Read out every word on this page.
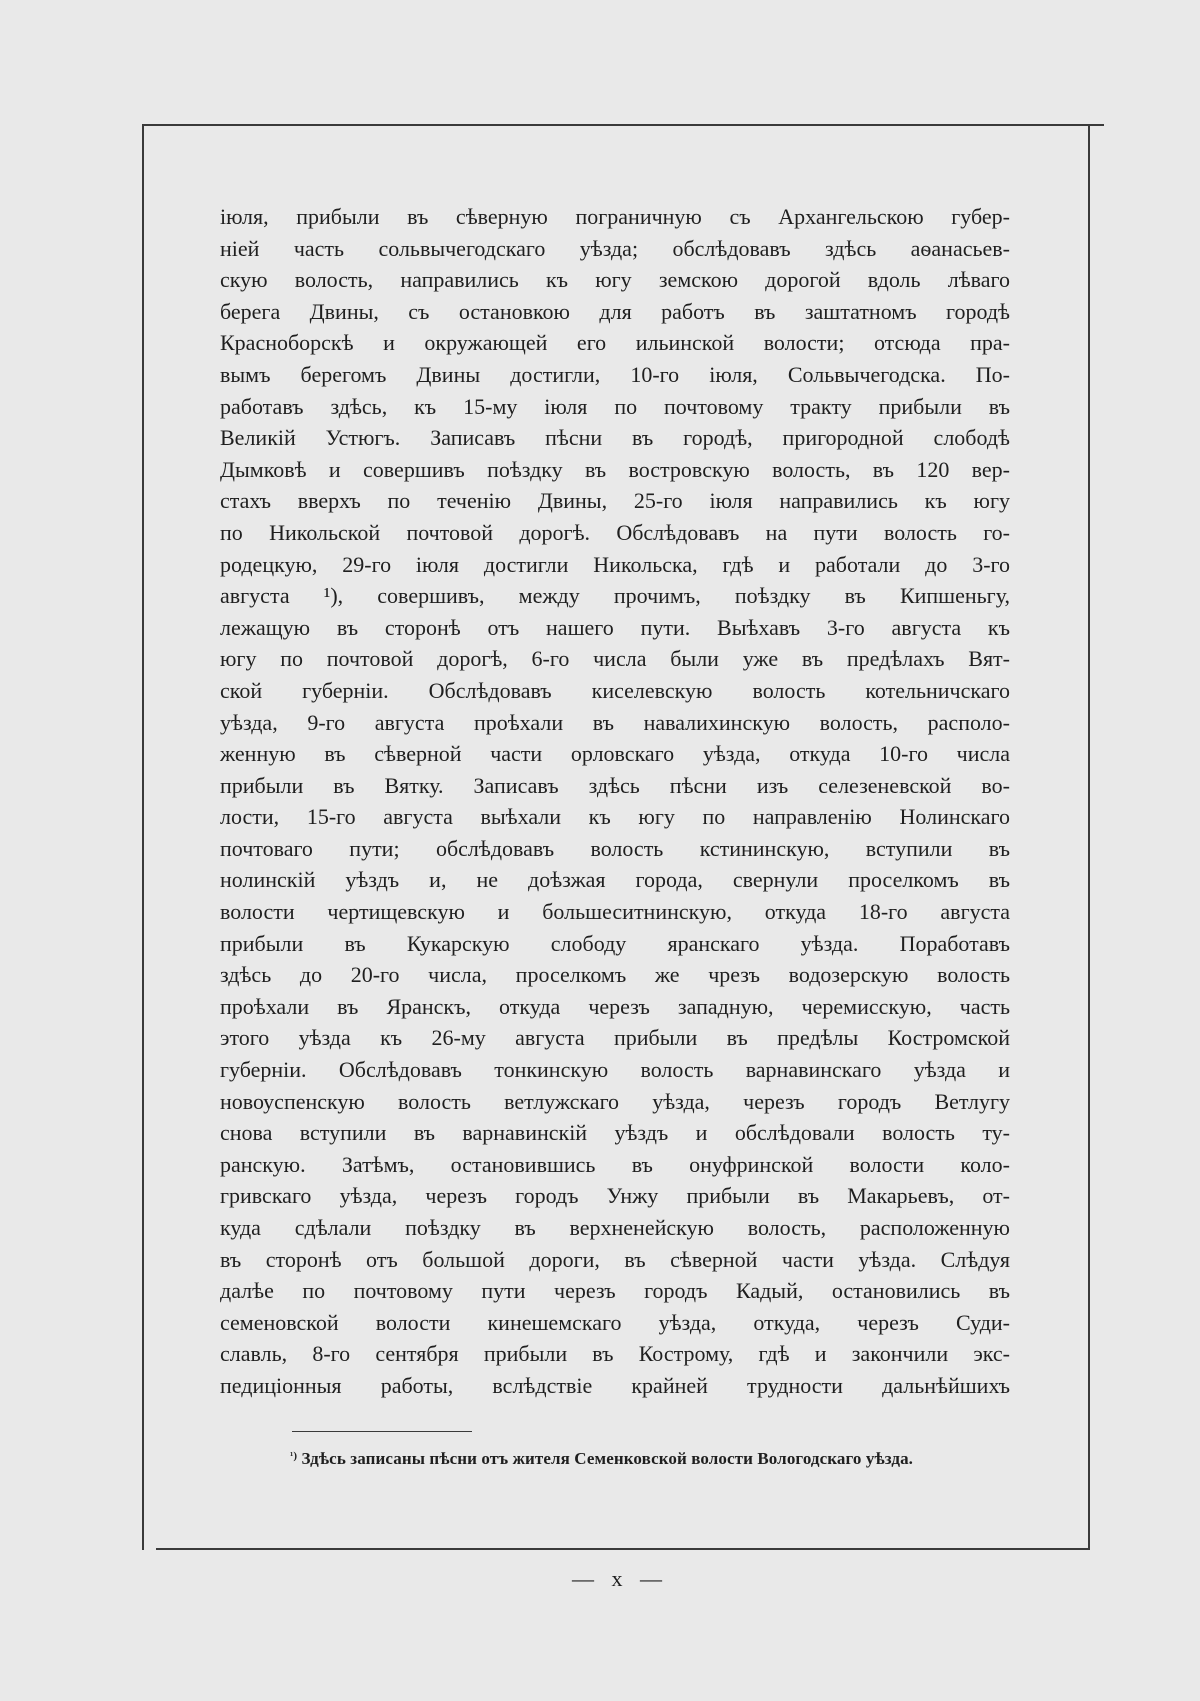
іюля, прибыли въ сѣверную пограничную съ Архангельскою губер-
ніей часть сольвычегодскаго уѣзда; обслѣдовавъ здѣсь аѳанасьев-
скую волость, направились къ югу земскою дорогой вдоль лѣваго
берега Двины, съ остановкою для работъ въ заштатномъ городѣ
Красноборскѣ и окружающей его ильинской волости; отсюда пра-
вымъ берегомъ Двины достигли, 10-го іюля, Сольвычегодска. По-
работавъ здѣсь, къ 15-му іюля по почтовому тракту прибыли въ
Великій Устюгъ. Записавъ пѣсни въ городѣ, пригородной слободѣ
Дымковѣ и совершивъ поѣздку въ востровскую волость, въ 120 вер-
стахъ вверхъ по теченію Двины, 25-го іюля направились къ югу
по Никольской почтовой дорогѣ. Обслѣдовавъ на пути волость го-
родецкую, 29-го іюля достигли Никольска, гдѣ и работали до 3-го
августа ¹), совершивъ, между прочимъ, поѣздку въ Кипшеньгу,
лежащую въ сторонѣ отъ нашего пути. Выѣхавъ 3-го августа къ
югу по почтовой дорогѣ, 6-го числа были уже въ предѣлахъ Вят-
ской губерніи. Обслѣдовавъ киселевскую волость котельничскаго
уѣзда, 9-го августа проѣхали въ навалихинскую волость, располо-
женную въ сѣверной части орловскаго уѣзда, откуда 10-го числа
прибыли въ Вятку. Записавъ здѣсь пѣсни изъ селезеневской во-
лости, 15-го августа выѣхали къ югу по направленію Нолинскаго
почтоваго пути; обслѣдовавъ волость кстининскую, вступили въ
нолинскій уѣздъ и, не доѣзжая города, свернули проселкомъ въ
волости чертищевскую и большеситнинскую, откуда 18-го августа
прибыли въ Кукарскую слободу яранскаго уѣзда. Поработавъ
здѣсь до 20-го числа, проселкомъ же чрезъ водозерскую волость
проѣхали въ Яранскъ, откуда черезъ западную, черемисскую, часть
этого уѣзда къ 26-му августа прибыли въ предѣлы Костромской
губерніи. Обслѣдовавъ тонкинскую волость варнавинскаго уѣзда и
новоуспенскую волость ветлужскаго уѣзда, черезъ городъ Ветлугу
снова вступили въ варнавинскій уѣздъ и обслѣдовали волость ту-
ранскую. Затѣмъ, остановившись въ онуфринской волости коло-
гривскаго уѣзда, черезъ городъ Унжу прибыли въ Макарьевъ, от-
куда сдѣлали поѣздку въ верхненейскую волость, расположенную
въ сторонѣ отъ большой дороги, въ сѣверной части уѣзда. Слѣдуя
далѣе по почтовому пути черезъ городъ Кадый, остановились въ
семеновской волости кинешемскаго уѣзда, откуда, черезъ Суди-
славль, 8-го сентября прибыли въ Кострому, гдѣ и закончили экс-
педиціонныя работы, вслѣдствіе крайней трудности дальнѣйшихъ
$^{^1)}$ Здѣсь записаны пѣсни отъ жителя Семенковской волости Вологодскаго уѣзда.
— x —
